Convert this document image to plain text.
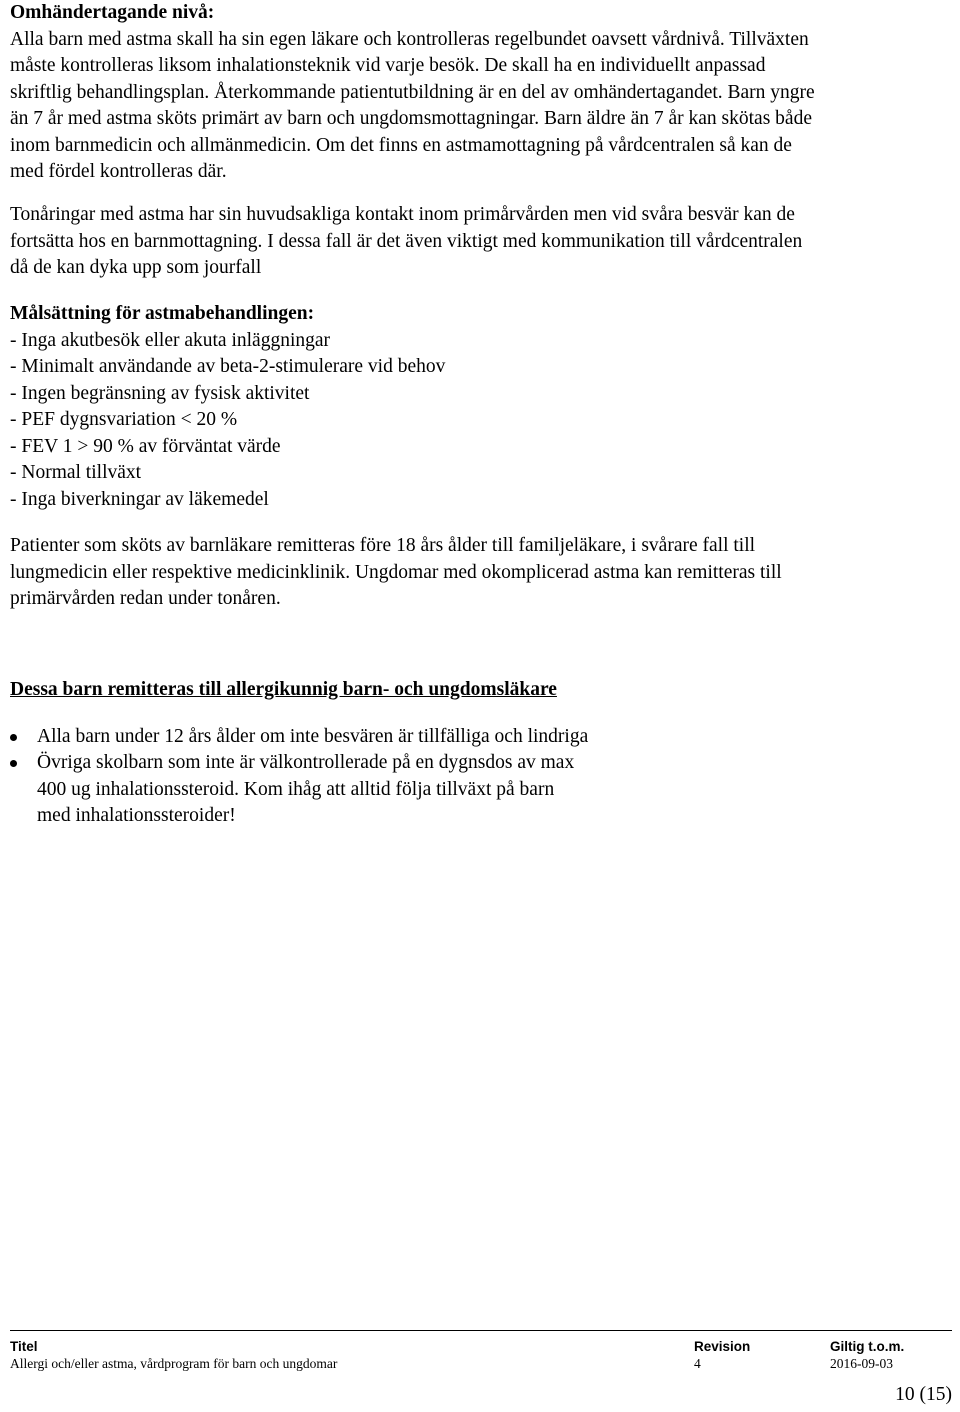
Omhändertagande nivå:

Alla barn med astma skall ha sin egen läkare och kontrolleras regelbundet oavsett vårdnivå. Tillväxten
måste kontrolleras liksom inhalationsteknik vid varje besök. De skall ha en individuellt anpassad
skriftlig behandlingsplan. Återkommande patientutbildning är en del av omhändertagandet. Barn yngre
än 7 år med astma sköts primärt av barn och ungdomsmottagningar. Barn äldre än 7 år kan skötas både
inom barnmedicin och allmänmedicin. Om det finns en astmamottagning på vårdcentralen så kan de
med fördel kontrolleras där.

Tonåringar med astma har sin huvudsakliga kontakt inom primårvården men vid svåra besvär kan de
fortsätta hos en barnmottagning. I dessa fall är det även viktigt med kommunikation till vårdcentralen
då de kan dyka upp som jourfall

Målsättning för astmabehandlingen:
- Inga akutbesök eller akuta inläggningar
- Minimalt användande av beta-2-stimulerare vid behov
- Ingen begränsning av fysisk aktivitet
- PEF dygnsvariation < 20 %
- FEV 1 > 90 % av förväntat värde
- Normal tillväxt
- Inga biverkningar av läkemedel

Patienter som sköts av barnläkare remitteras före 18 års ålder till familjeläkare, i svårare fall till
lungmedicin eller respektive medicinklinik. Ungdomar med okomplicerad astma kan remitteras till
primärvården redan under tonåren.

Dessa barn remitteras till allergikunnig barn- och ungdomsläkare
Alla barn under 12 års ålder om inte besvären är tillfälliga och lindriga
Övriga skolbarn som inte är välkontrollerade på en dygnsdos av max
400 ug inhalationssteroid. Kom ihåg att alltid följa tillväxt på barn
med inhalationssteroider!
Titel
Allergi och/eller astma, vårdprogram för barn och ungdomar
Revision
4
Giltig t.o.m.
2016-09-03
10 (15)
